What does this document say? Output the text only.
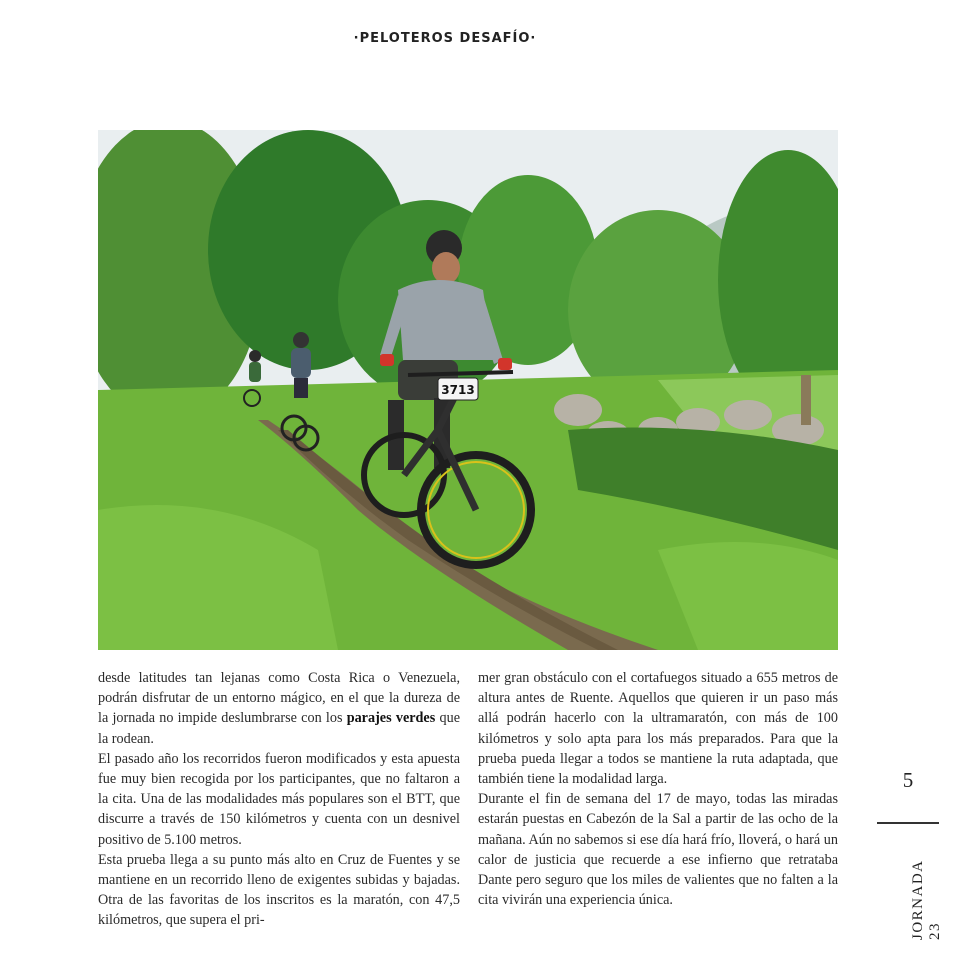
·PELOTEROS DESAFÍO·
3713

desde latitudes tan lejanas como Costa Rica o Venezuela, podrán disfrutar de un entorno mágico, en el que la dureza de la jornada no impide deslumbrarse con los parajes verdes que la rodean.

El pasado año los recorridos fueron modificados y esta apuesta fue muy bien recogida por los participantes, que no faltaron a la cita. Una de las modalidades más populares son el BTT, que discurre a través de 150 kilómetros y cuenta con un desnivel positivo de 5.100 metros.

Esta prueba llega a su punto más alto en Cruz de Fuentes y se mantiene en un recorrido lleno de exigentes subidas y bajadas. Otra de las favoritas de los inscritos es la maratón, con 47,5 kilómetros, que supera el pri-

mer gran obstáculo con el cortafuegos situado a 655 metros de altura antes de Ruente. Aquellos que quieren ir un paso más allá podrán hacerlo con la ultramaratón, con más de 100 kilómetros y solo apta para los más preparados. Para que la prueba pueda llegar a todos se mantiene la ruta adaptada, que también tiene la modalidad larga.

Durante el fin de semana del 17 de mayo, todas las miradas estarán puestas en Cabezón de la Sal a partir de las ocho de la mañana. Aún no sabemos si ese día hará frío, lloverá, o hará un calor de justicia que recuerde a ese infierno que retrataba Dante pero seguro que los miles de valientes que no falten a la cita vivirán una experiencia única.

5
JORNADA 23
